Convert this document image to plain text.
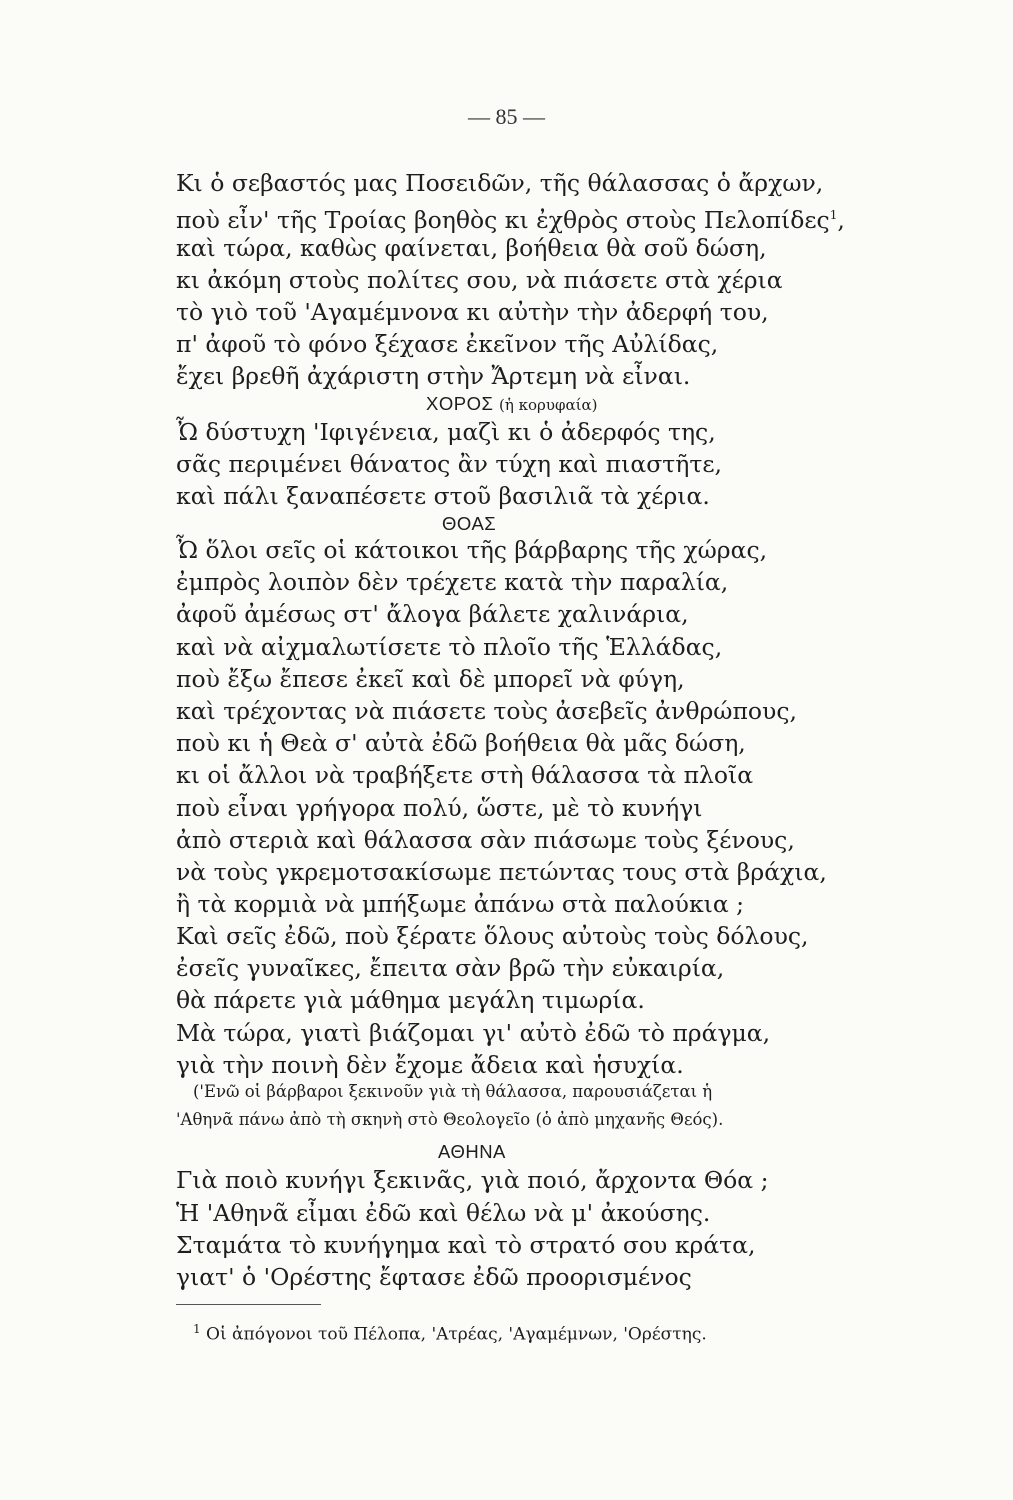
— 85 —
Κι ὁ σεβαστός μας Ποσειδῶν, τῆς θάλασσας ὁ ἄρχων,
ποὺ εἶν' τῆς Τροίας βοηθὸς κι ἐχθρὸς στοὺς Πελοπίδες$^1$,
καὶ τώρα, καθὼς φαίνεται, βοήθεια θὰ σοῦ δώση,
κι ἀκόμη στοὺς πολίτες σου, νὰ πιάσετε στὰ χέρια
τὸ γιὸ τοῦ 'Αγαμέμνονα κι αὐτὴν τὴν ἀδερφή του,
π' ἀφοῦ τὸ φόνο ξέχασε ἐκεῖνον τῆς Αὐλίδας,
ἔχει βρεθῆ ἀχάριστη στὴν Ἄρτεμη νὰ εἶναι.
ΧΟΡΟΣ (ἡ κορυφαία)
Ὦ δύστυχη 'Ιφιγένεια, μαζὶ κι ὁ ἀδερφός της,
σᾶς περιμένει θάνατος ἂν τύχη καὶ πιαστῆτε,
καὶ πάλι ξαναπέσετε στοῦ βασιλιᾶ τὰ χέρια.
ΘΟΑΣ
Ὦ ὅλοι σεῖς οἱ κάτοικοι τῆς βάρβαρης τῆς χώρας,
ἐμπρὸς λοιπὸν δὲν τρέχετε κατὰ τὴν παραλία,
ἀφοῦ ἀμέσως στ' ἄλογα βάλετε χαλινάρια,
καὶ νὰ αἰχμαλωτίσετε τὸ πλοῖο τῆς Ἑλλάδας,
ποὺ ἔξω ἔπεσε ἐκεῖ καὶ δὲ μπορεῖ νὰ φύγη,
καὶ τρέχοντας νὰ πιάσετε τοὺς ἀσεβεῖς ἀνθρώπους,
ποὺ κι ἡ Θεὰ σ' αὐτὰ ἐδῶ βοήθεια θὰ μᾶς δώση,
κι οἱ ἄλλοι νὰ τραβήξετε στὴ θάλασσα τὰ πλοῖα
ποὺ εἶναι γρήγορα πολύ, ὥστε, μὲ τὸ κυνήγι
ἀπὸ στεριὰ καὶ θάλασσα σὰν πιάσωμε τοὺς ξένους,
νὰ τοὺς γκρεμοτσακίσωμε πετώντας τους στὰ βράχια,
ἢ τὰ κορμιὰ νὰ μπήξωμε ἀπάνω στὰ παλούκια ;
Καὶ σεῖς ἐδῶ, ποὺ ξέρατε ὅλους αὐτοὺς τοὺς δόλους,
ἐσεῖς γυναῖκες, ἔπειτα σὰν βρῶ τὴν εὐκαιρία,
θὰ πάρετε γιὰ μάθημα μεγάλη τιμωρία.
Μὰ τώρα, γιατὶ βιάζομαι γι' αὐτὸ ἐδῶ τὸ πράγμα,
γιὰ τὴν ποινὴ δὲν ἔχομε ἄδεια καὶ ἡσυχία.
('Ενῶ οἱ βάρβαροι ξεκινοῦν γιὰ τὴ θάλασσα, παρουσιάζεται ἡ
'Αθηνᾶ πάνω ἀπὸ τὴ σκηνὴ στὸ Θεολογεῖο (ὁ ἀπὸ μηχανῆς Θεός).
ΑΘΗΝΑ
Γιὰ ποιὸ κυνήγι ξεκινᾶς, γιὰ ποιό, ἄρχοντα Θόα ;
Ἡ 'Αθηνᾶ εἶμαι ἐδῶ καὶ θέλω νὰ μ' ἀκούσης.
Σταμάτα τὸ κυνήγημα καὶ τὸ στρατό σου κράτα,
γιατ' ὁ 'Ορέστης ἔφτασε ἐδῶ προορισμένος
$^1$ Οἱ ἀπόγονοι τοῦ Πέλοπα, 'Ατρέας, 'Αγαμέμνων, 'Ορέστης.
